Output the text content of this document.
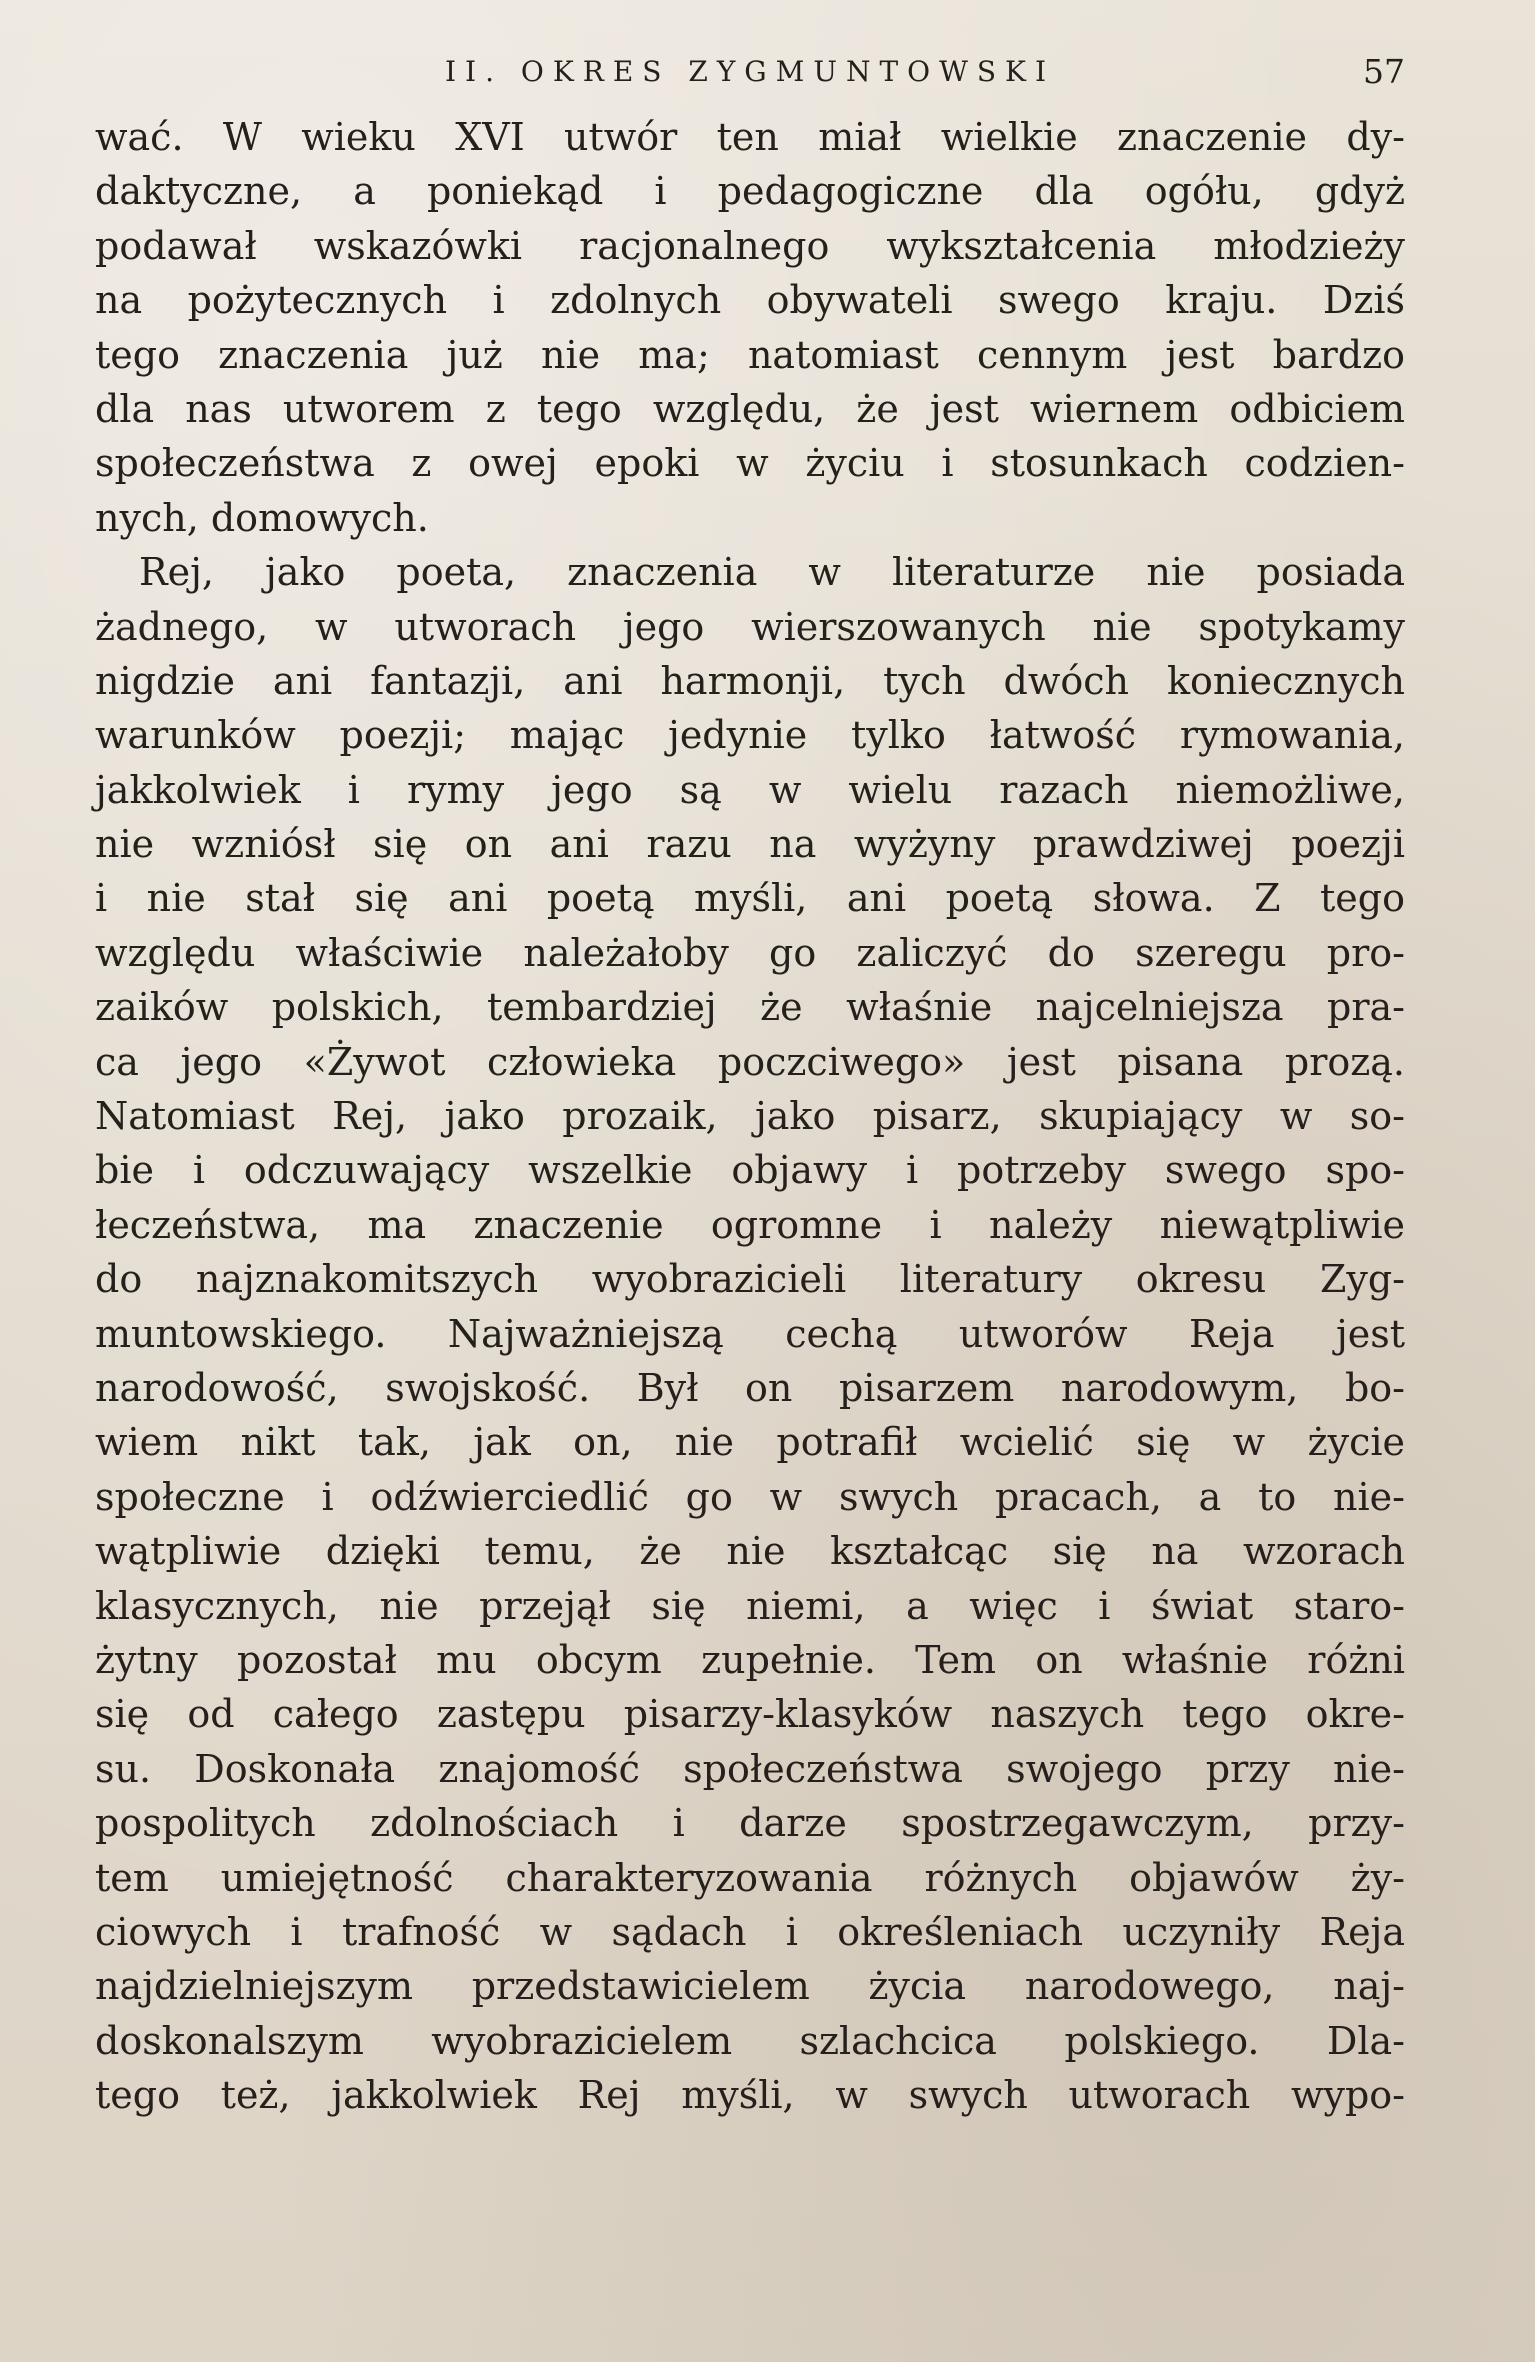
II. OKRES ZYGMUNTOWSKI	57
wać. W wieku XVI utwór ten miał wielkie znaczenie dy-
daktyczne, a poniekąd i pedagogiczne dla ogółu, gdyż
podawał wskazówki racjonalnego wykształcenia młodzieży
na pożytecznych i zdolnych obywateli swego kraju. Dziś
tego znaczenia już nie ma; natomiast cennym jest bardzo
dla nas utworem z tego względu, że jest wiernem odbiciem
społeczeństwa z owej epoki w życiu i stosunkach codzien-
nych, domowych.
Rej, jako poeta, znaczenia w literaturze nie posiada
żadnego, w utworach jego wierszowanych nie spotykamy
nigdzie ani fantazji, ani harmonji, tych dwóch koniecznych
warunków poezji; mając jedynie tylko łatwość rymowania,
jakkolwiek i rymy jego są w wielu razach niemożliwe,
nie wzniósł się on ani razu na wyżyny prawdziwej poezji
i nie stał się ani poetą myśli, ani poetą słowa. Z tego
względu właściwie należałoby go zaliczyć do szeregu pro-
zaików polskich, tembardziej że właśnie najcelniejsza pra-
ca jego «Żywot człowieka poczciwego» jest pisana prozą.
Natomiast Rej, jako prozaik, jako pisarz, skupiający w so-
bie i odczuwający wszelkie objawy i potrzeby swego spo-
łeczeństwa, ma znaczenie ogromne i należy niewątpliwie
do najznakomitszych wyobrazicieli literatury okresu Zyg-
muntowskiego. Najważniejszą cechą utworów Reja jest
narodowość, swojskość. Był on pisarzem narodowym, bo-
wiem nikt tak, jak on, nie potrafił wcielić się w życie
społeczne i odźwierciedlić go w swych pracach, a to nie-
wątpliwie dzięki temu, że nie kształcąc się na wzorach
klasycznych, nie przejął się niemi, a więc i świat staro-
żytny pozostał mu obcym zupełnie. Tem on właśnie różni
się od całego zastępu pisarzy-klasyków naszych tego okre-
su. Doskonała znajomość społeczeństwa swojego przy nie-
pospolitych zdolnościach i darze spostrzegawczym, przy-
tem umiejętność charakteryzowania różnych objawów ży-
ciowych i trafność w sądach i określeniach uczyniły Reja
najdzielniejszym przedstawicielem życia narodowego, naj-
doskonalszym wyobrazicielem szlachcica polskiego. Dla-
tego też, jakkolwiek Rej myśli, w swych utworach wypo-
